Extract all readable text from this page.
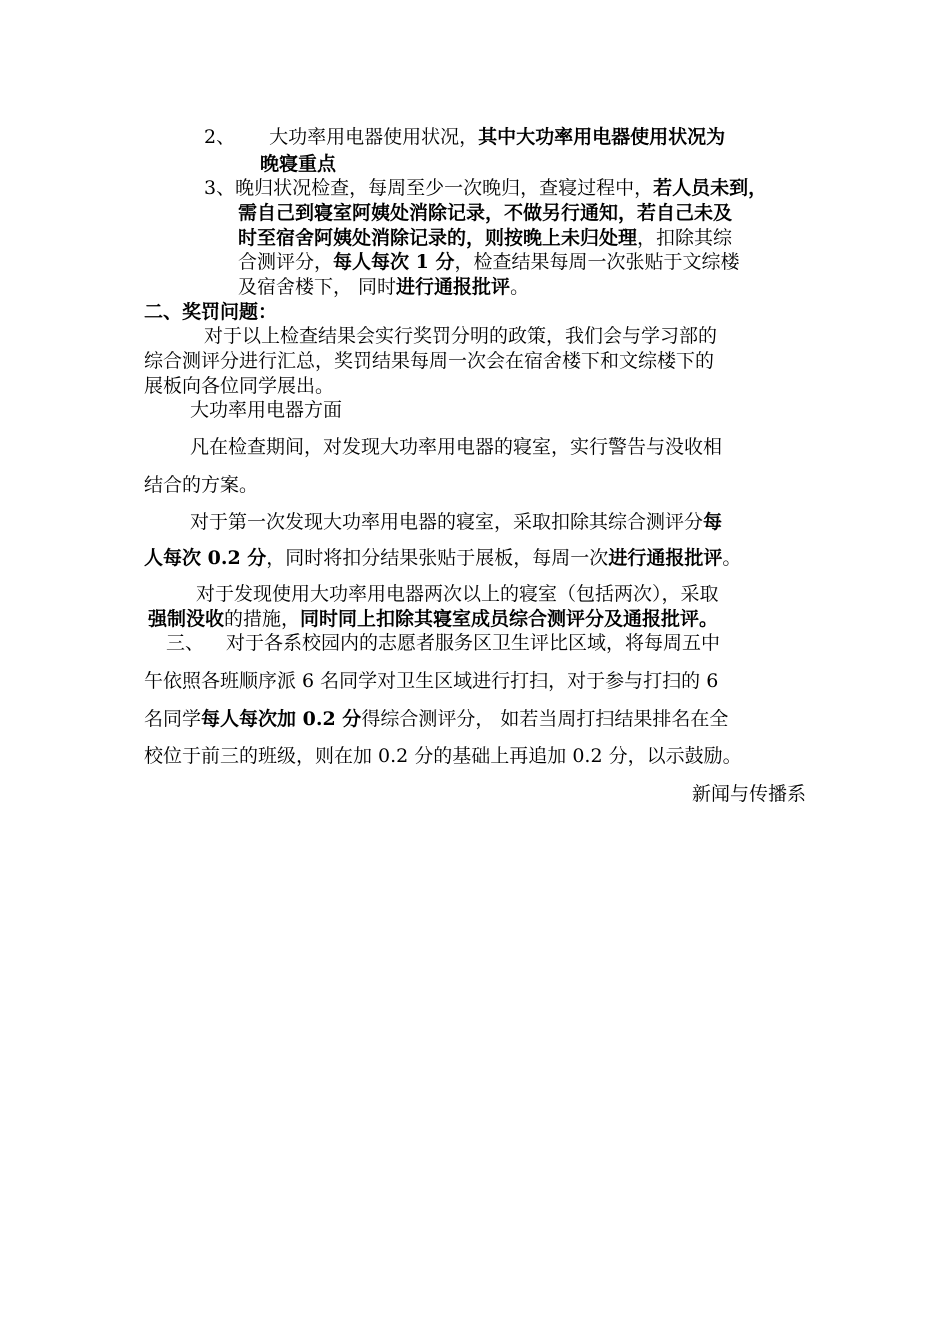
2、 大功率用电器使用状况，其中大功率用电器使用状况为
晚寝重点
3、晚归状况检查，每周至少一次晚归，查寝过程中，若人员未到，
需自己到寝室阿姨处消除记录，不做另行通知，若自己未及
时至宿舍阿姨处消除记录的，则按晚上未归处理，扣除其综
合测评分，每人每次 1 分，检查结果每周一次张贴于文综楼
及宿舍楼下， 同时进行通报批评。
二、奖罚问题：
对于以上检查结果会实行奖罚分明的政策，我们会与学习部的
综合测评分进行汇总，奖罚结果每周一次会在宿舍楼下和文综楼下的
展板向各位同学展出。
大功率用电器方面
凡在检查期间，对发现大功率用电器的寝室，实行警告与没收相
结合的方案。
对于第一次发现大功率用电器的寝室，采取扣除其综合测评分每
人每次 0.2 分，同时将扣分结果张贴于展板，每周一次进行通报批评。
对于发现使用大功率用电器两次以上的寝室（包括两次），采取
强制没收的措施，同时同上扣除其寝室成员综合测评分及通报批评。
三、 对于各系校园内的志愿者服务区卫生评比区域，将每周五中
午依照各班顺序派 6 名同学对卫生区域进行打扫，对于参与打扫的 6
名同学每人每次加 0.2 分得综合测评分， 如若当周打扫结果排名在全
校位于前三的班级，则在加 0.2 分的基础上再追加 0.2 分，以示鼓励。
新闻与传播系
